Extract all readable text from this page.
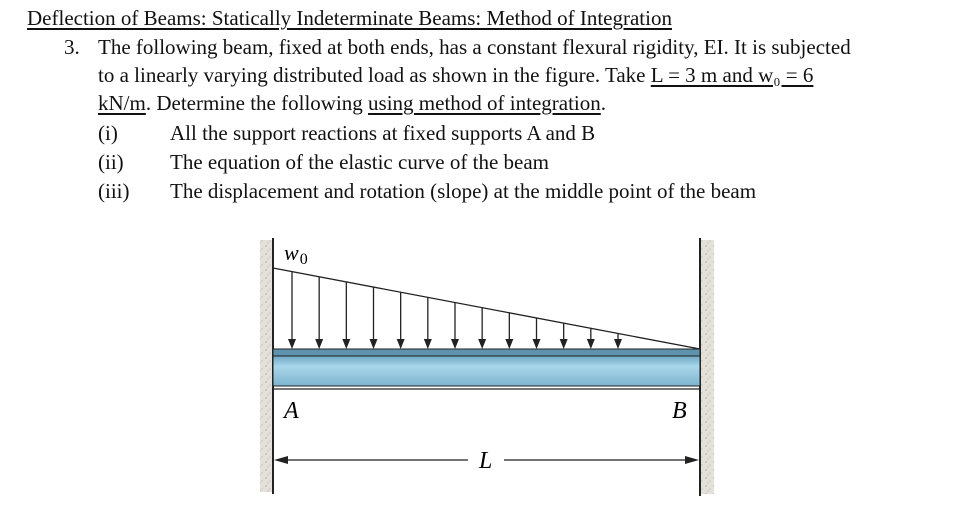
Deflection of Beams: Statically Indeterminate Beams: Method of Integration
3. The following beam, fixed at both ends, has a constant flexural rigidity, EI. It is subjected
to a linearly varying distributed load as shown in the figure. Take L = 3 m and w₀ = 6
kN/m. Determine the following using method of integration.
(i) All the support reactions at fixed supports A and B
(ii) The equation of the elastic curve of the beam
(iii) The displacement and rotation (slope) at the middle point of the beam
w0
A	B
L
